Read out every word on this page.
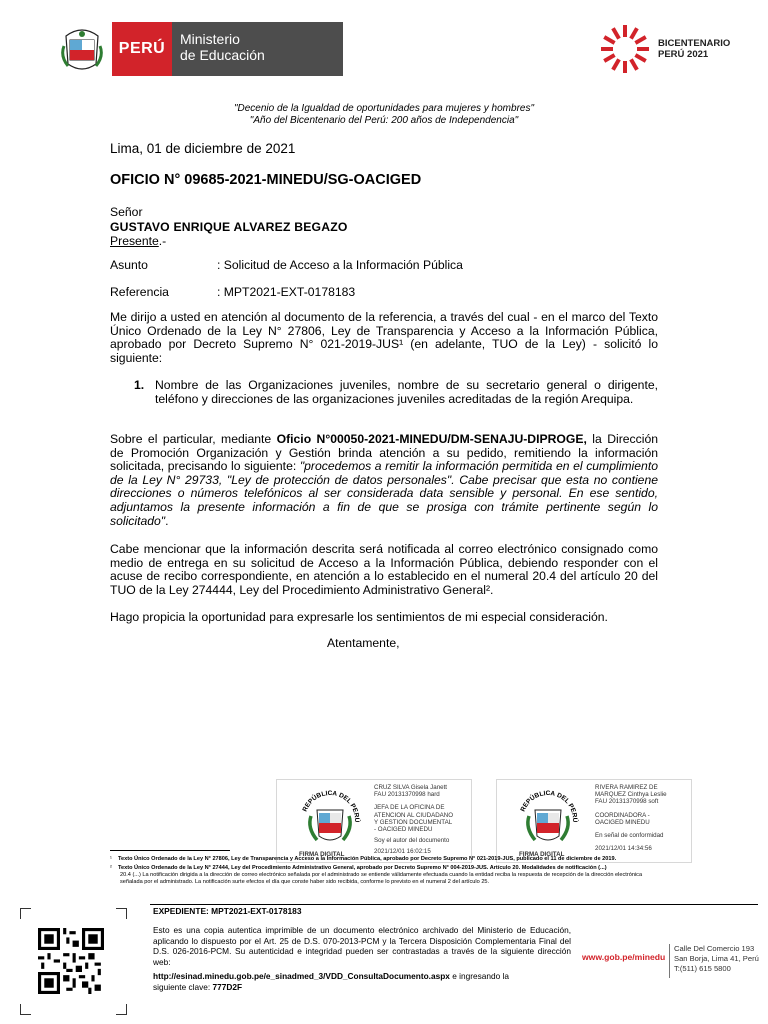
PERÚ
Ministerio
de Educación
BICENTENARIO
PERÚ 2021
"Decenio de la Igualdad de oportunidades para mujeres y hombres"
"Año del Bicentenario del Perú: 200 años de Independencia"
Lima, 01 de diciembre de 2021
OFICIO N° 09685-2021-MINEDU/SG-OACIGED
Señor
GUSTAVO ENRIQUE ALVAREZ BEGAZO
Presente.-
Asunto	: Solicitud de Acceso a la Información Pública
Referencia	: MPT2021-EXT-0178183
Me dirijo a usted en atención al documento de la referencia, a través del cual - en el marco del Texto Único Ordenado de la Ley N° 27806, Ley de Transparencia y Acceso a la Información Pública, aprobado por Decreto Supremo N° 021-2019-JUS¹ (en adelante, TUO de la Ley) - solicitó lo siguiente:
1. Nombre de las Organizaciones juveniles, nombre de su secretario general o dirigente, teléfono y direcciones de las organizaciones juveniles acreditadas de la región Arequipa.
Sobre el particular, mediante Oficio N°00050-2021-MINEDU/DM-SENAJU-DIPROGE, la Dirección de Promoción Organización y Gestión brinda atención a su pedido, remitiendo la información solicitada, precisando lo siguiente: "procedemos a remitir la información permitida en el cumplimiento de la Ley N° 29733, "Ley de protección de datos personales". Cabe precisar que esta no contiene direcciones o números telefónicos al ser considerada data sensible y personal. En ese sentido, adjuntamos la presente información a fin de que se prosiga con trámite pertinente según lo solicitado".
Cabe mencionar que la información descrita será notificada al correo electrónico consignado como medio de entrega en su solicitud de Acceso a la Información Pública, debiendo responder con el acuse de recibo correspondiente, en atención a lo establecido en el numeral 20.4 del artículo 20 del TUO de la Ley 274444, Ley del Procedimiento Administrativo General².
Hago propicia la oportunidad para expresarle los sentimientos de mi especial consideración.
Atentamente,
REPÚBLICA DEL PERÚ
FIRMA DIGITAL
CRUZ SILVA Gisela Janett
FAU 20131370998 hard
JEFA DE LA OFICINA DE
ATENCION AL CIUDADANO
Y GESTION DOCUMENTAL
- OACIGED MINEDU
Soy el autor del documento
2021/12/01 16:02:15
REPÚBLICA DEL PERÚ
FIRMA DIGITAL
RIVERA RAMIREZ DE
MARQUEZ Cinthya Leslie
FAU 20131370998 soft
COORDINADORA -
OACIGED MINEDU
En señal de conformidad
2021/12/01 14:34:56
¹	Texto Único Ordenado de la Ley N° 27806, Ley de Transparencia y Acceso a la Información Pública, aprobado por Decreto Supremo N° 021-2019-JUS, publicado el 11 de diciembre de 2019.
²	Texto Único Ordenado de la Ley N° 27444, Ley del Procedimiento Administrativo General, aprobado por Decreto Supremo N° 004-2019-JUS. Artículo 20. Modalidades de notificación (...)
20.4 (...) La notificación dirigida a la dirección de correo electrónico señalada por el administrado se entiende válidamente efectuada cuando la entidad reciba la respuesta de recepción de la dirección electrónica señalada por el administrado. La notificación surte efectos el día que conste haber sido recibida, conforme lo previsto en el numeral 2 del artículo 25.
EXPEDIENTE: MPT2021-EXT-0178183
Esto es una copia autentica imprimible de un documento electrónico archivado del Ministerio de Educación, aplicando lo dispuesto por el Art. 25 de D.S. 070-2013-PCM y la Tercera Disposición Complementaria Final del D.S. 026-2016-PCM. Su autenticidad e integridad pueden ser contrastadas a través de la siguiente dirección web:
http://esinad.minedu.gob.pe/e_sinadmed_3/VDD_ConsultaDocumento.aspx e ingresando la
siguiente clave: 777D2F
www.gob.pe/minedu
Calle Del Comercio 193
San Borja, Lima 41, Perú
T:(511) 615 5800
